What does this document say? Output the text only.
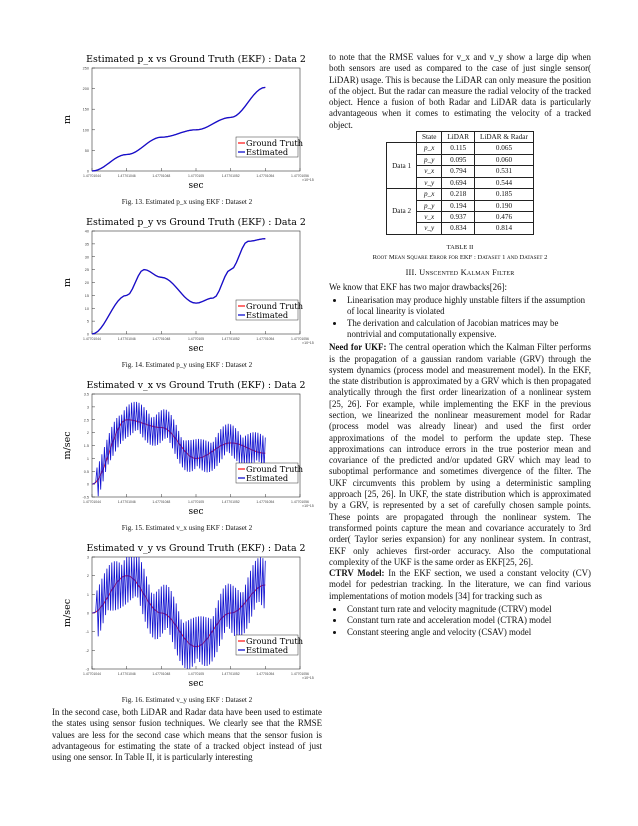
Estimated p_x vs Ground Truth (EKF) : Data 2
0
50
100
150
200
250
1.47701044	1.47701046	1.47701048	1.4770105	1.47701052	1.47701054	1.47701056
×10^15
sec
m
Ground Truth
Estimated
Fig. 13. Estimated p_x using EKF : Dataset 2
Estimated p_y vs Ground Truth (EKF) : Data 2
0
5
10
15
20
25
30
35
40
1.47701044	1.47701046	1.47701048	1.4770105	1.47701052	1.47701054	1.47701056
×10^15
sec
m
Ground Truth
Estimated
Fig. 14. Estimated p_y using EKF : Dataset 2
Estimated v_x vs Ground Truth (EKF) : Data 2
-0.5
0
0.5
1
1.5
2
2.5
3
3.5
1.47701044	1.47701046	1.47701048	1.4770105	1.47701052	1.47701054	1.47701056
×10^15
sec
m/sec
Ground Truth
Estimated
Fig. 15. Estimated v_x using EKF : Dataset 2
Estimated v_y vs Ground Truth (EKF) : Data 2
-3
-2
-1
0
1
2
3
1.47701044	1.47701046	1.47701048	1.4770105	1.47701052	1.47701054	1.47701056
×10^15
sec
m/sec
Ground Truth
Estimated
Fig. 16. Estimated v_y using EKF : Dataset 2

In the second case, both LiDAR and Radar data have been used to estimate the states using sensor fusion techniques. We clearly see that the RMSE values are less for the second case which means that the sensor fusion is advantageous for estimating the state of a tracked object instead of just using one sensor. In Table II, it is particularly interesting

to note that the RMSE values for v_x and v_y show a large dip when both sensors are used as compared to the case of just single sensor( LiDAR) usage. This is because the LiDAR can only measure the position of the object. But the radar can measure the radial velocity of the tracked object. Hence a fusion of both Radar and LiDAR data is particularly advantageous when it comes to estimating the velocity of a tracked object.

	State	LiDAR	LiDAR & Radar
Data 1	p_x	0.115	0.065
	p_y	0.095	0.060
	v_x	0.794	0.531
	v_y	0.694	0.544
Data 2	p_x	0.218	0.185
	p_y	0.194	0.190
	v_x	0.937	0.476
	v_y	0.834	0.814
TABLE II
Root Mean Square Error for EKF : Dataset 1 and Dataset 2
III. Unscented Kalman Filter

We know that EKF has two major drawbacks[26]:

• Linearisation may produce highly unstable filters if the assumption of local linearity is violated
• The derivation and calculation of Jacobian matrices may be nontrivial and computationally expensive.

Need for UKF: The central operation which the Kalman Filter performs is the propagation of a gaussian random variable (GRV) through the system dynamics (process model and measurement model). In the EKF, the state distribution is approximated by a GRV which is then propagated analytically through the first order linearization of a nonlinear system [25, 26]. For example, while implementing the EKF in the previous section, we linearized the nonlinear measurement model for Radar (process model was already linear) and used the first order approximations of the model to perform the update step. These approximations can introduce errors in the true posterior mean and covariance of the predicted and/or updated GRV which may lead to suboptimal performance and sometimes divergence of the filter. The UKF circumvents this problem by using a deterministic sampling approach [25, 26]. In UKF, the state distribution which is approximated by a GRV, is represented by a set of carefully chosen sample points. These points are propagated through the nonlinear system. The transformed points capture the mean and covariance accurately to 3rd order( Taylor series expansion) for any nonlinear system. In contrast, EKF only achieves first-order accuracy. Also the computational complexity of the UKF is the same order as EKF[25, 26].

CTRV Model: In the EKF section, we used a constant velocity (CV) model for pedestrian tracking. In the literature, we can find various implementations of motion models [34] for tracking such as

• Constant turn rate and velocity magnitude (CTRV) model
• Constant turn rate and acceleration model (CTRA) model
• Constant steering angle and velocity (CSAV) model
